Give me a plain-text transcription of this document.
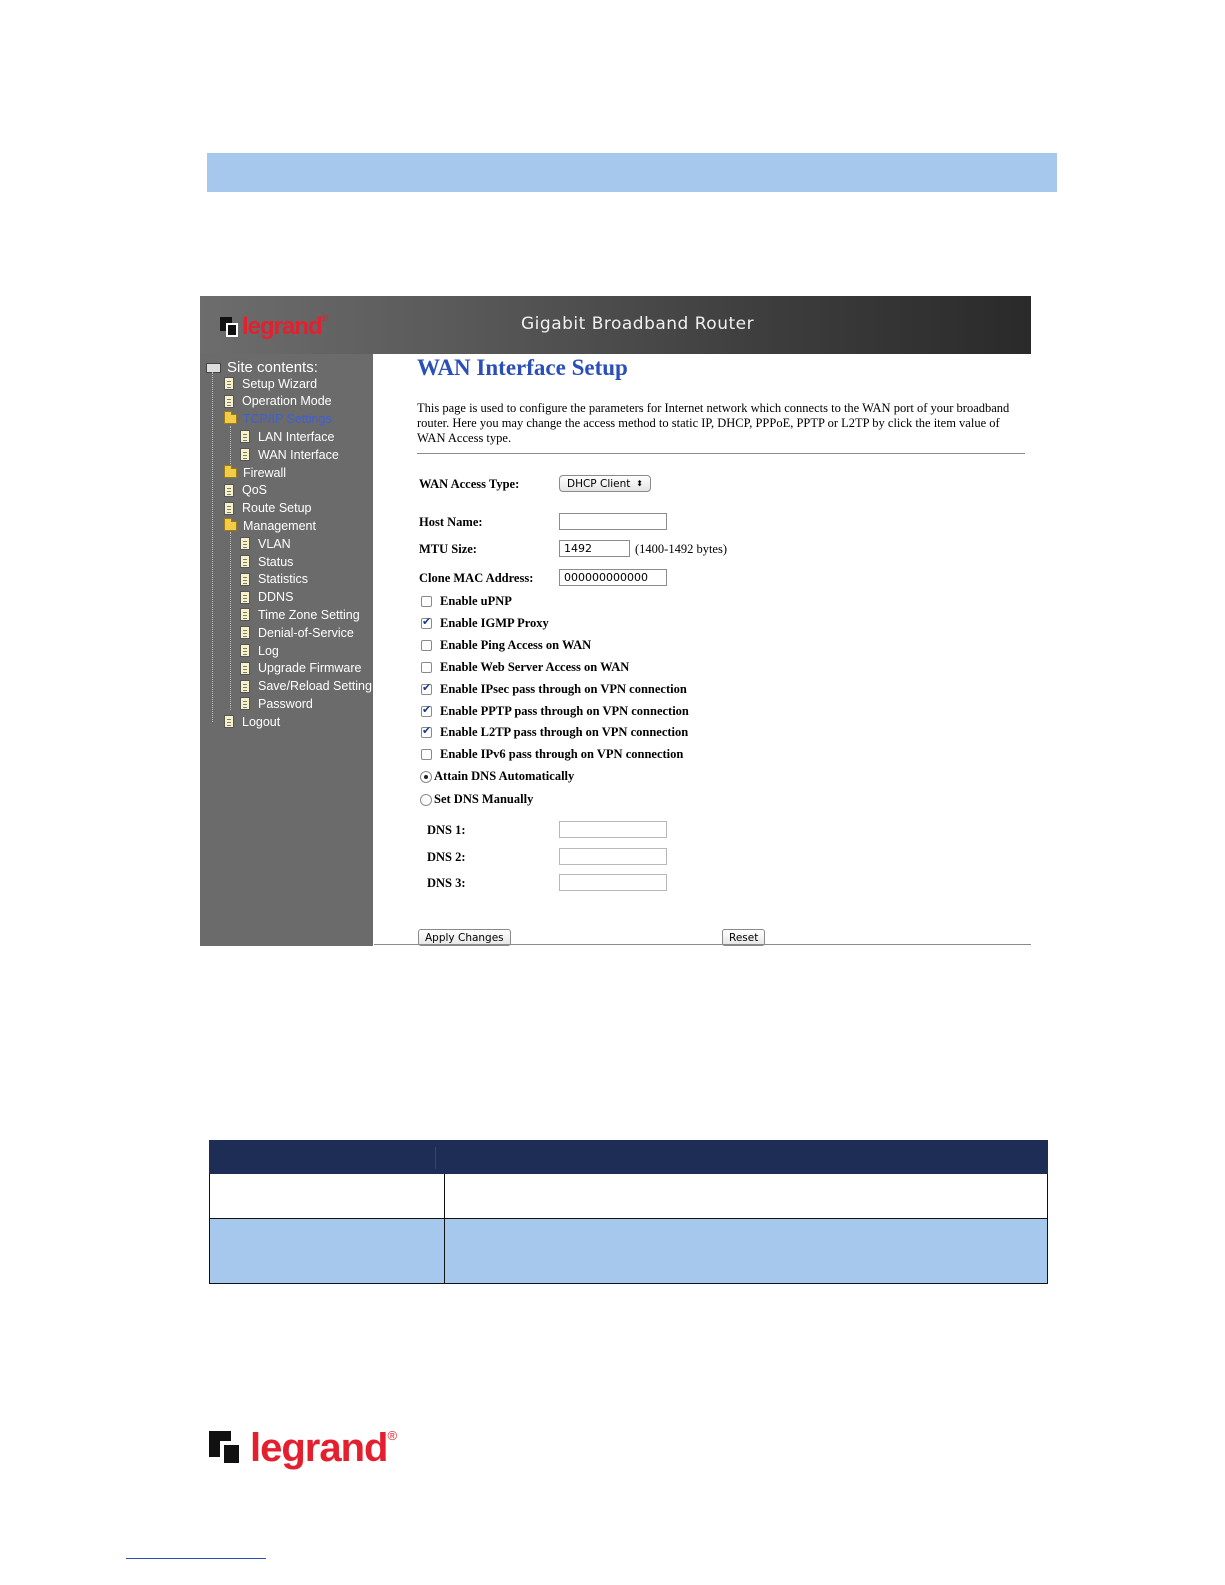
legrand ®	Gigabit Broadband Router
Site contents:
Setup Wizard
Operation Mode
TCP/IP Settings
LAN Interface
WAN Interface
Firewall
QoS
Route Setup
Management
VLAN
Status
Statistics
DDNS
Time Zone Setting
Denial-of-Service
Log
Upgrade Firmware
Save/Reload Setting
Password
Logout
WAN Interface Setup
This page is used to configure the parameters for Internet network which connects to the WAN port of your broadband router. Here you may change the access method to static IP, DHCP, PPPoE, PPTP or L2TP by click the item value of WAN Access type.
WAN Access Type:	DHCP Client ⬍
Host Name:
MTU Size:	1492	(1400-1492 bytes)
Clone MAC Address:	000000000000
Enable uPNP
✔
Enable IGMP Proxy
Enable Ping Access on WAN
Enable Web Server Access on WAN
✔
Enable IPsec pass through on VPN connection
✔
Enable PPTP pass through on VPN connection
✔
Enable L2TP pass through on VPN connection
Enable IPv6 pass through on VPN connection
Attain DNS Automatically
Set DNS Manually
DNS 1:
DNS 2:
DNS 3:
Apply Changes	Reset
legrand ®
